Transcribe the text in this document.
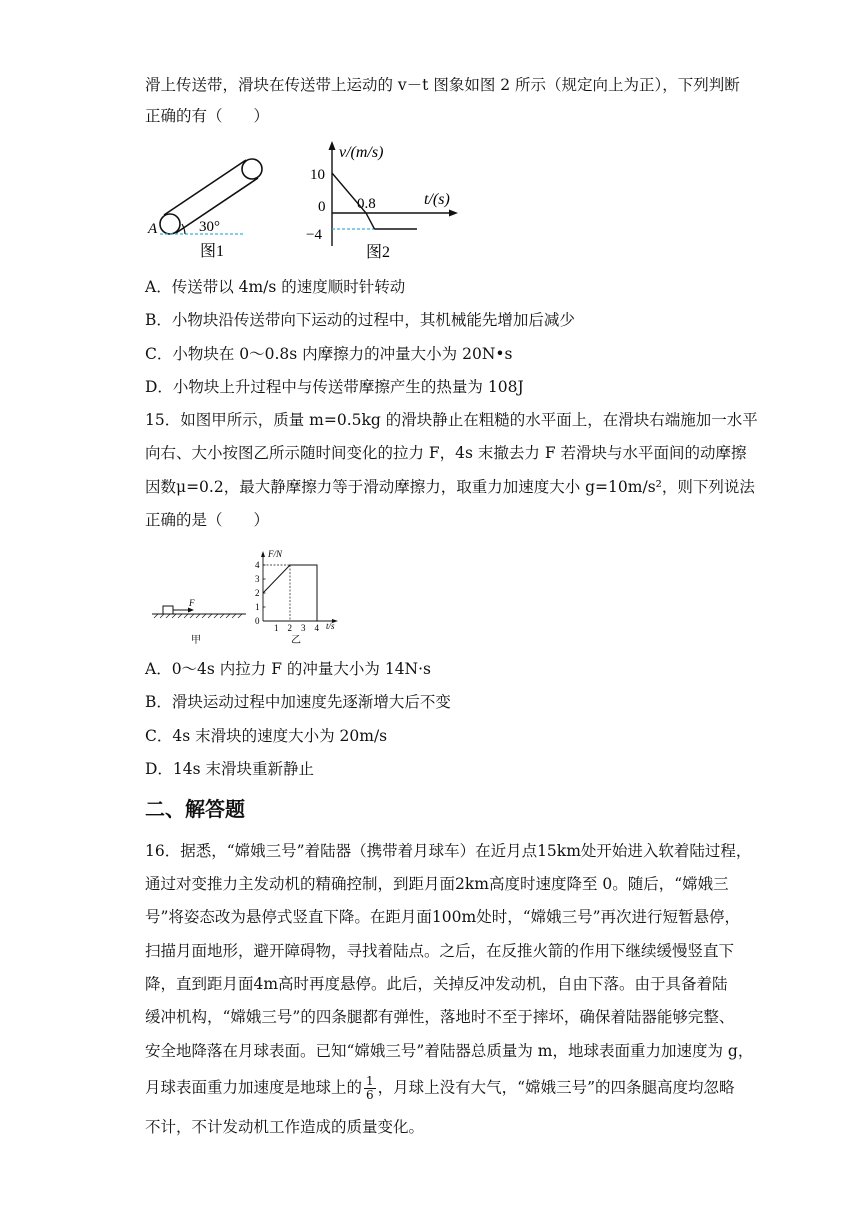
滑上传送带，滑块在传送带上运动的 v－t 图象如图 2 所示（规定向上为正），下列判断
正确的有（　　）
A	30°
图1
v/(m/s)
t/(s)
10
0
−4
0.8
图2
A．传送带以 4m/s 的速度顺时针转动
B．小物块沿传送带向下运动的过程中，其机械能先增加后减少
C．小物块在 0～0.8s 内摩擦力的冲量大小为 20N•s
D．小物块上升过程中与传送带摩擦产生的热量为 108J
15．如图甲所示，质量 m=0.5kg 的滑块静止在粗糙的水平面上，在滑块右端施加一水平
向右、大小按图乙所示随时间变化的拉力 F，4s 末撤去力 F 若滑块与水平面间的动摩擦
因数μ=0.2，最大静摩擦力等于滑动摩擦力，取重力加速度大小 g=10m/s²，则下列说法
正确的是（　　）
F
甲
F/N
t/s
0
1
2
3
4
1 2 3 4
乙
A．0～4s 内拉力 F 的冲量大小为 14N·s
B．滑块运动过程中加速度先逐渐增大后不变
C．4s 末滑块的速度大小为 20m/s
D．14s 末滑块重新静止
二、解答题
16．据悉，“嫦娥三号”着陆器（携带着月球车）在近月点15km处开始进入软着陆过程，
通过对变推力主发动机的精确控制，到距月面2km高度时速度降至 0。随后，“嫦娥三
号”将姿态改为悬停式竖直下降。在距月面100m处时，“嫦娥三号”再次进行短暂悬停，
扫描月面地形，避开障碍物，寻找着陆点。之后，在反推火箭的作用下继续缓慢竖直下
降，直到距月面4m高时再度悬停。此后，关掉反冲发动机，自由下落。由于具备着陆
缓冲机构，“嫦娥三号”的四条腿都有弹性，落地时不至于摔坏，确保着陆器能够完整、
安全地降落在月球表面。已知“嫦娥三号”着陆器总质量为 m，地球表面重力加速度为 g，
月球表面重力加速度是地球上的 $\frac{1}{6}$ ，月球上没有大气，“嫦娥三号”的四条腿高度均忽略
不计，不计发动机工作造成的质量变化。
